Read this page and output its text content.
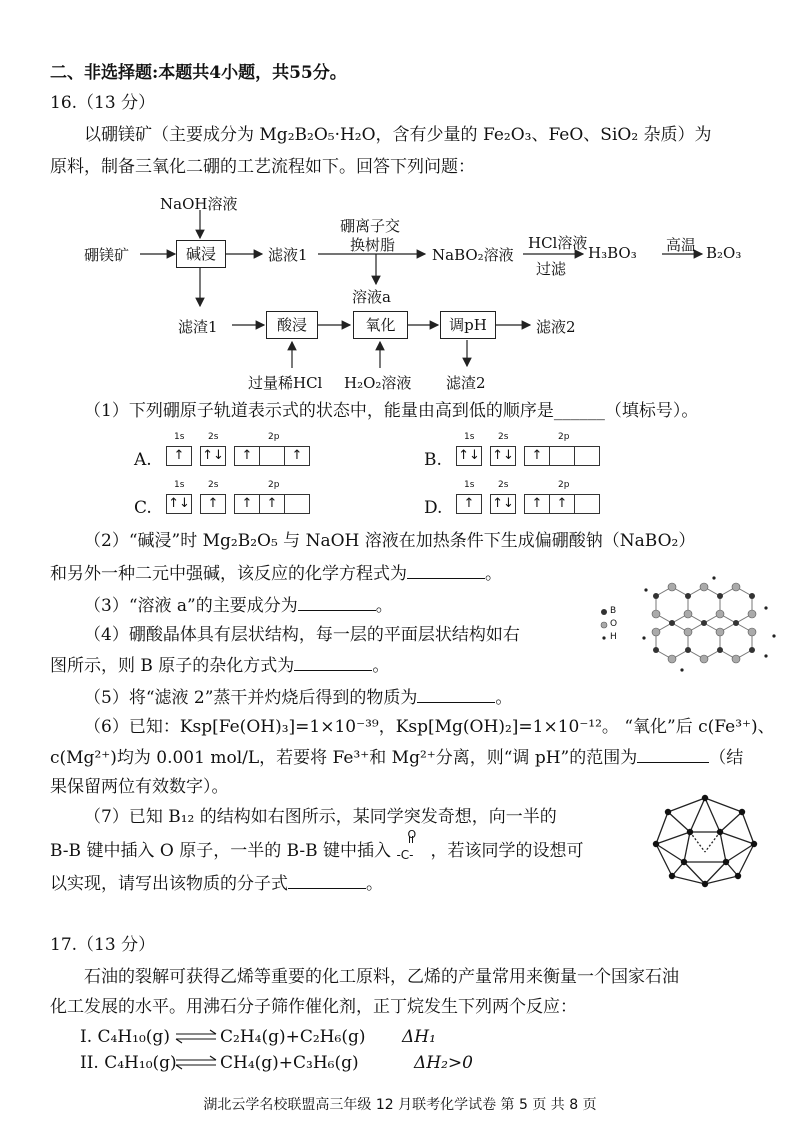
二、非选择题:本题共4小题，共55分。
16.（13 分）
以硼镁矿（主要成分为 Mg₂B₂O₅·H₂O，含有少量的 Fe₂O₃、FeO、SiO₂ 杂质）为
原料，制备三氧化二硼的工艺流程如下。回答下列问题：
NaOH溶液
硼镁矿	碱浸	滤液1
硼离子交
换树脂
NaBO₂溶液
HCl溶液
过滤
H₃BO₃ 高温 B₂O₃
溶液a
滤渣1	酸浸	氧化	调pH	滤液2
过量稀HCl H₂O₂溶液 滤渣2
（1）下列硼原子轨道表示式的状态中，能量由高到低的顺序是______（填标号）。
A.
1s	2s	2p
↑	↑↓	↑	↑	B.
1s	2s	2p
↑↓ ↑↓	↑
C.
1s	2s	2p
↑↓	↑	↑	↑	D.
1s	2s	2p
↑	↑↓	↑	↑
（2）“碱浸”时 Mg₂B₂O₅ 与 NaOH 溶液在加热条件下生成偏硼酸钠（NaBO₂）
和另外一种二元中强碱，该反应的化学方程式为	。
（3）“溶液 a”的主要成分为	。
（4）硼酸晶体具有层状结构，每一层的平面层状结构如右
图所示，则 B 原子的杂化方式为	。
B
O
H
（5）将“滤液 2”蒸干并灼烧后得到的物质为	。
（6）已知：Ksp[Fe(OH)₃]=1×10⁻³⁹，Ksp[Mg(OH)₂]=1×10⁻¹²。 “氧化”后 c(Fe³⁺)、
c(Mg²⁺)均为 0.001 mol/L，若要将 Fe³⁺和 Mg²⁺分离，则“调 pH”的范围为	（结
果保留两位有效数字）。
（7）已知 B₁₂ 的结构如右图所示，某同学突发奇想，向一半的
B-B 键中插入 O 原子，一半的 B-B 键中插入
O
-C- ，若该同学的设想可
以实现，请写出该物质的分子式	。
17.（13 分）
石油的裂解可获得乙烯等重要的化工原料，乙烯的产量常用来衡量一个国家石油
化工发展的水平。用沸石分子筛作催化剂，正丁烷发生下列两个反应：
I. C₄H₁₀(g)	C₂H₄(g)+C₂H₆(g) ΔH₁
II. C₄H₁₀(g)	CH₄(g)+C₃H₆(g)	ΔH₂>0
湖北云学名校联盟高三年级 12 月联考化学试卷 第 5 页 共 8 页
